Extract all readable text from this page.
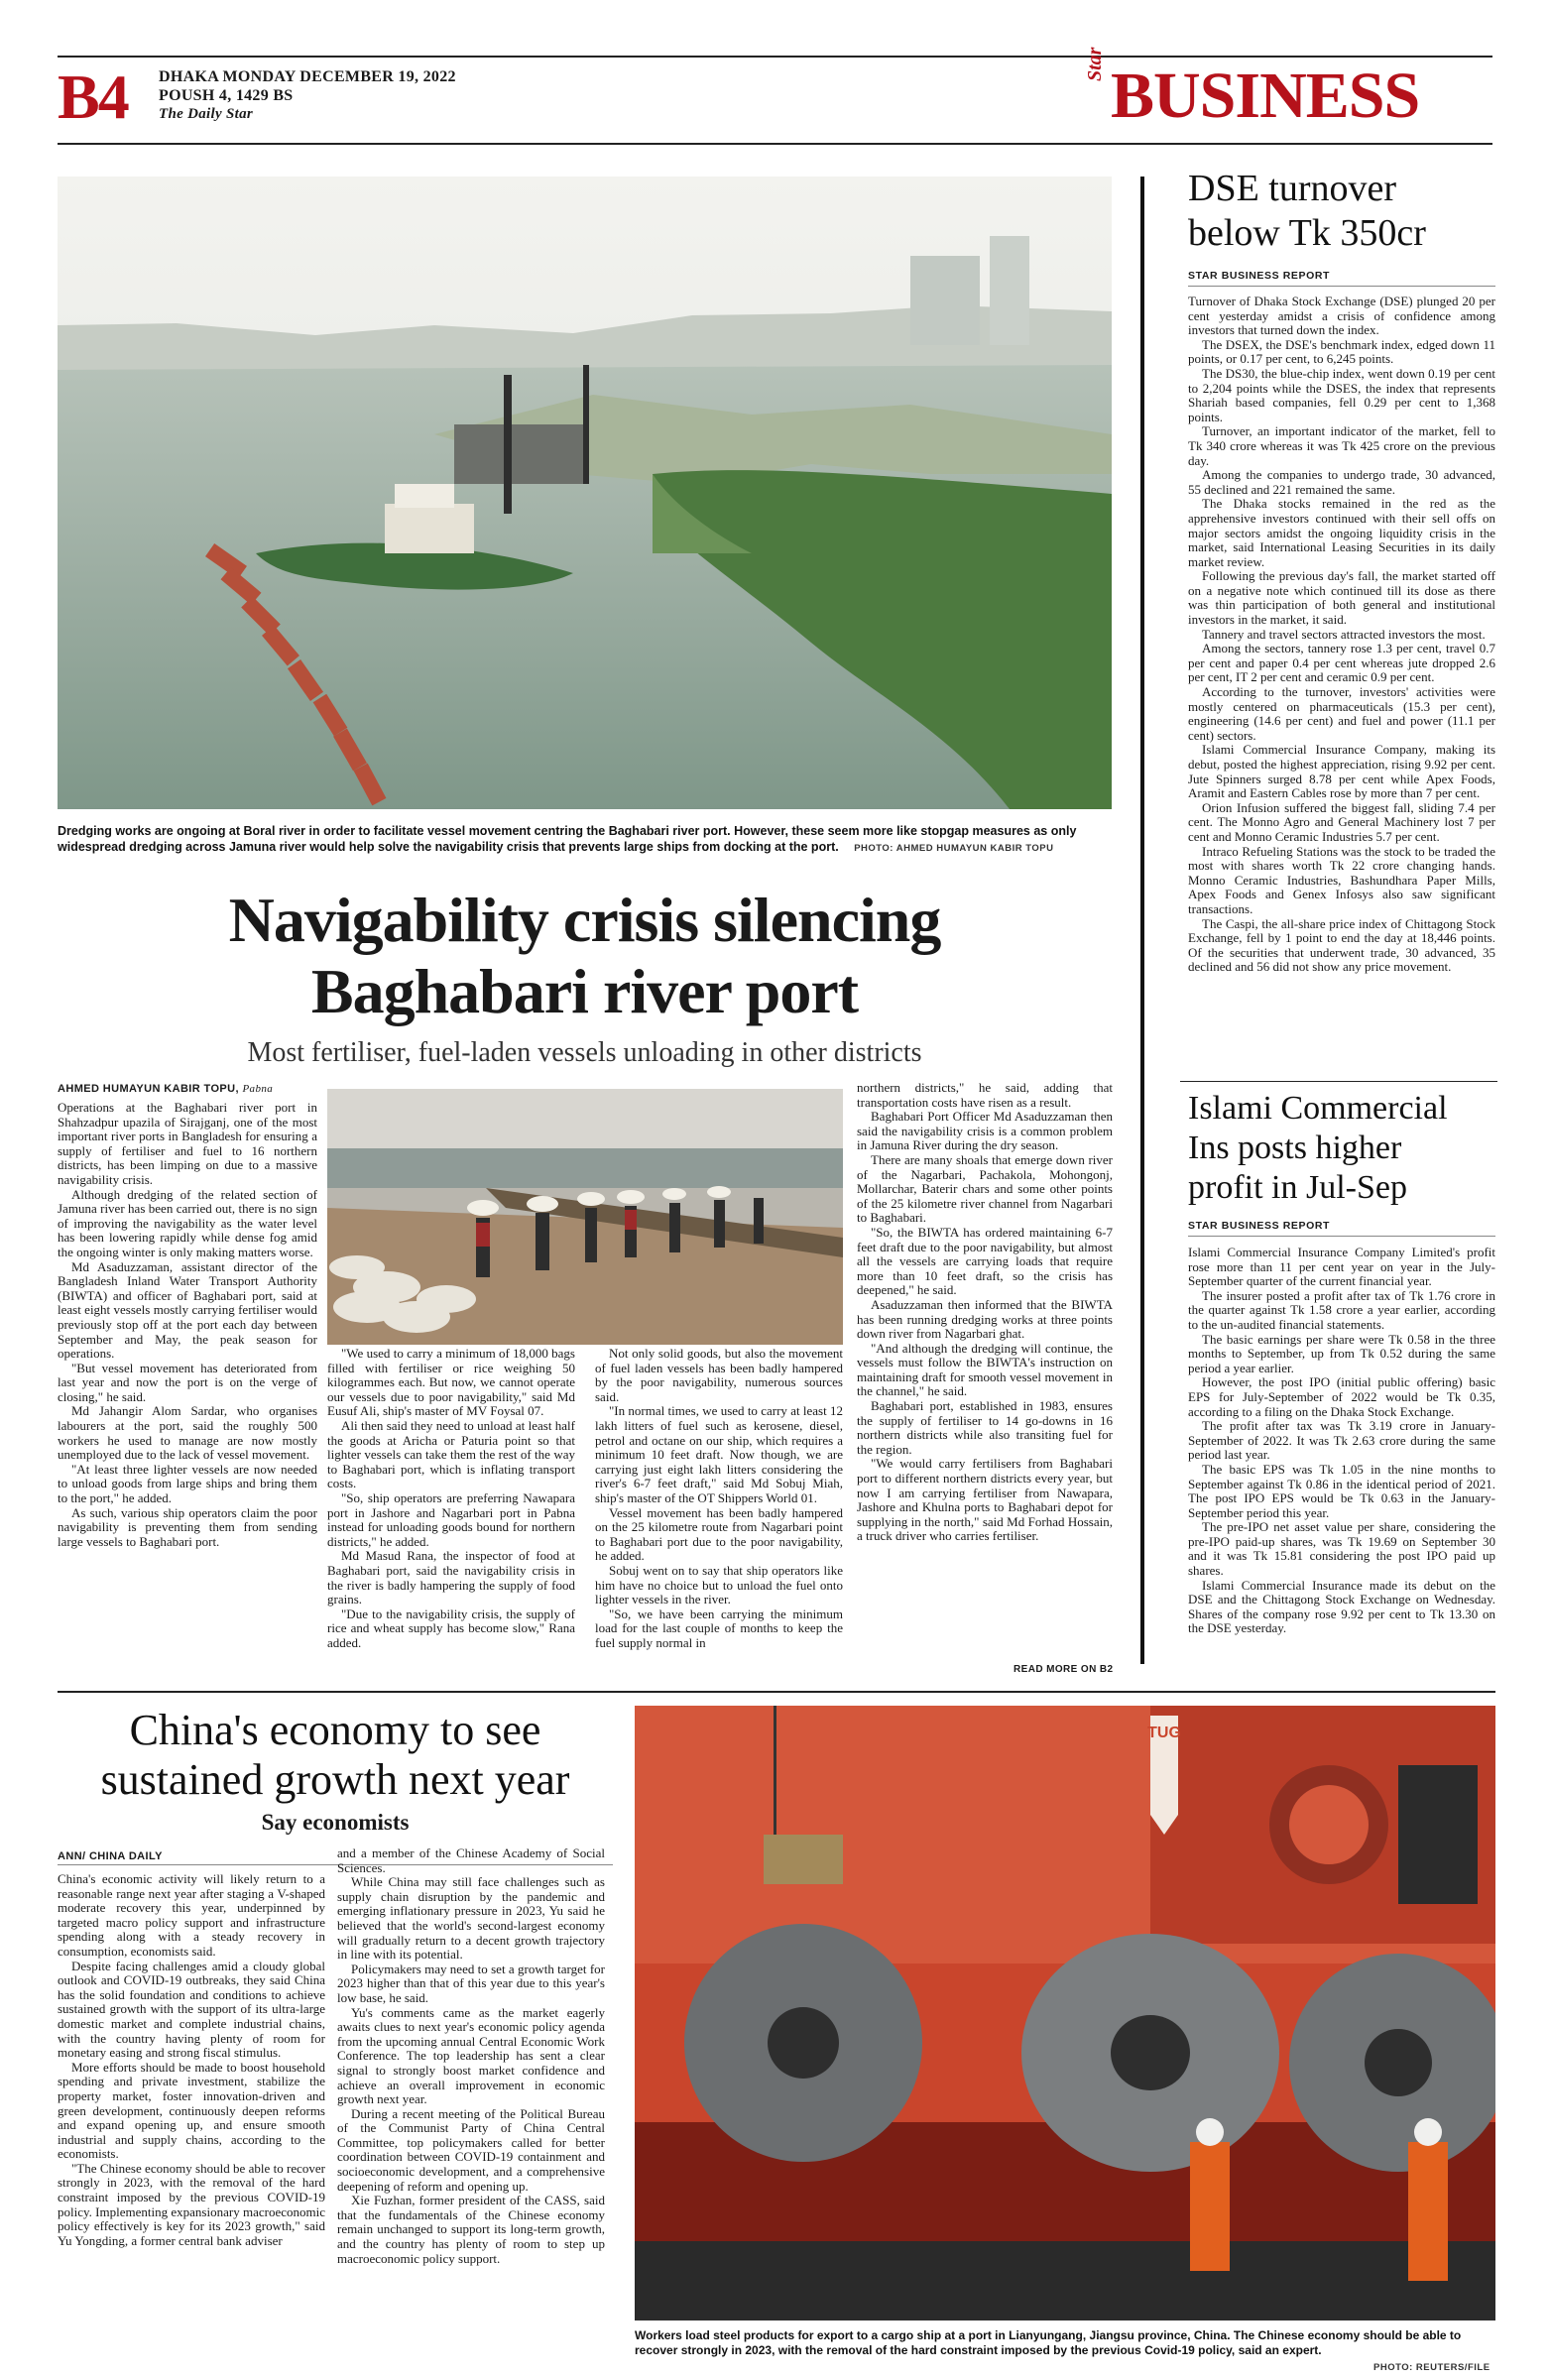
B4 DHAKA MONDAY DECEMBER 19, 2022
POUSH 4, 1429 BS
The Daily Star
Star BUSINESS
Dredging works are ongoing at Boral river in order to facilitate vessel movement centring the Baghabari river port. However, these seem more like stopgap measures as only widespread dredging across Jamuna river would help solve the navigability crisis that prevents large ships from docking at the port. PHOTO: AHMED HUMAYUN KABIR TOPU
Navigability crisis silencing
Baghabari river port
Most fertiliser, fuel-laden vessels unloading in other districts
AHMED HUMAYUN KABIR TOPU, Pabna

Operations at the Baghabari river port in Shahzadpur upazila of Sirajganj, one of the most important river ports in Bangladesh for ensuring a supply of fertiliser and fuel to 16 northern districts, has been limping on due to a massive navigability crisis.

Although dredging of the related section of Jamuna river has been carried out, there is no sign of improving the navigability as the water level has been lowering rapidly while dense fog amid the ongoing winter is only making matters worse.

Md Asaduzzaman, assistant director of the Bangladesh Inland Water Transport Authority (BIWTA) and officer of Baghabari port, said at least eight vessels mostly carrying fertiliser would previously stop off at the port each day between September and May, the peak season for operations.

"But vessel movement has deteriorated from last year and now the port is on the verge of closing," he said.

Md Jahangir Alom Sardar, who organises labourers at the port, said the roughly 500 workers he used to manage are now mostly unemployed due to the lack of vessel movement.

"At least three lighter vessels are now needed to unload goods from large ships and bring them to the port," he added.

As such, various ship operators claim the poor navigability is preventing them from sending large vessels to Baghabari port.

"We used to carry a minimum of 18,000 bags filled with fertiliser or rice weighing 50 kilogrammes each. But now, we cannot operate our vessels due to poor navigability," said Md Eusuf Ali, ship's master of MV Foysal 07.

Ali then said they need to unload at least half the goods at Aricha or Paturia point so that lighter vessels can take them the rest of the way to Baghabari port, which is inflating transport costs.

"So, ship operators are preferring Nawapara port in Jashore and Nagarbari port in Pabna instead for unloading goods bound for northern districts," he added.

Md Masud Rana, the inspector of food at Baghabari port, said the navigability crisis in the river is badly hampering the supply of food grains.

"Due to the navigability crisis, the supply of rice and wheat supply has become slow," Rana added.

Not only solid goods, but also the movement of fuel laden vessels has been badly hampered by the poor navigability, numerous sources said.

"In normal times, we used to carry at least 12 lakh litters of fuel such as kerosene, diesel, petrol and octane on our ship, which requires a minimum 10 feet draft. Now though, we are carrying just eight lakh litters considering the river's 6-7 feet draft," said Md Sobuj Miah, ship's master of the OT Shippers World 01.

Vessel movement has been badly hampered on the 25 kilometre route from Nagarbari point to Baghabari port due to the poor navigability, he added.

Sobuj went on to say that ship operators like him have no choice but to unload the fuel onto lighter vessels in the river.

"So, we have been carrying the minimum load for the last couple of months to keep the fuel supply normal in

northern districts," he said, adding that transportation costs have risen as a result.

Baghabari Port Officer Md Asaduzzaman then said the navigability crisis is a common problem in Jamuna River during the dry season.

There are many shoals that emerge down river of the Nagarbari, Pachakola, Mohongonj, Mollarchar, Baterir chars and some other points of the 25 kilometre river channel from Nagarbari to Baghabari.

"So, the BIWTA has ordered maintaining 6-7 feet draft due to the poor navigability, but almost all the vessels are carrying loads that require more than 10 feet draft, so the crisis has deepened," he said.

Asaduzzaman then informed that the BIWTA has been running dredging works at three points down river from Nagarbari ghat.

"And although the dredging will continue, the vessels must follow the BIWTA's instruction on maintaining draft for smooth vessel movement in the channel," he said.

Baghabari port, established in 1983, ensures the supply of fertiliser to 14 go-downs in 16 northern districts while also transiting fuel for the region.

"We would carry fertilisers from Baghabari port to different northern districts every year, but now I am carrying fertiliser from Nawapara, Jashore and Khulna ports to Baghabari depot for supplying in the north," said Md Forhad Hossain, a truck driver who carries fertiliser.

READ MORE ON B2
DSE turnover
below Tk 350cr
STAR BUSINESS REPORT

Turnover of Dhaka Stock Exchange (DSE) plunged 20 per cent yesterday amidst a crisis of confidence among investors that turned down the index.

The DSEX, the DSE's benchmark index, edged down 11 points, or 0.17 per cent, to 6,245 points.

The DS30, the blue-chip index, went down 0.19 per cent to 2,204 points while the DSES, the index that represents Shariah based companies, fell 0.29 per cent to 1,368 points.

Turnover, an important indicator of the market, fell to Tk 340 crore whereas it was Tk 425 crore on the previous day.

Among the companies to undergo trade, 30 advanced, 55 declined and 221 remained the same.

The Dhaka stocks remained in the red as the apprehensive investors continued with their sell offs on major sectors amidst the ongoing liquidity crisis in the market, said International Leasing Securities in its daily market review.

Following the previous day's fall, the market started off on a negative note which continued till its dose as there was thin participation of both general and institutional investors in the market, it said.

Tannery and travel sectors attracted investors the most.

Among the sectors, tannery rose 1.3 per cent, travel 0.7 per cent and paper 0.4 per cent whereas jute dropped 2.6 per cent, IT 2 per cent and ceramic 0.9 per cent.

According to the turnover, investors' activities were mostly centered on pharmaceuticals (15.3 per cent), engineering (14.6 per cent) and fuel and power (11.1 per cent) sectors.

Islami Commercial Insurance Company, making its debut, posted the highest appreciation, rising 9.92 per cent. Jute Spinners surged 8.78 per cent while Apex Foods, Aramit and Eastern Cables rose by more than 7 per cent.

Orion Infusion suffered the biggest fall, sliding 7.4 per cent. The Monno Agro and General Machinery lost 7 per cent and Monno Ceramic Industries 5.7 per cent.

Intraco Refueling Stations was the stock to be traded the most with shares worth Tk 22 crore changing hands. Monno Ceramic Industries, Bashundhara Paper Mills, Apex Foods and Genex Infosys also saw significant transactions.

The Caspi, the all-share price index of Chittagong Stock Exchange, fell by 1 point to end the day at 18,446 points. Of the securities that underwent trade, 30 advanced, 35 declined and 56 did not show any price movement.

Islami Commercial
Ins posts higher
profit in Jul-Sep
STAR BUSINESS REPORT

Islami Commercial Insurance Company Limited's profit rose more than 11 per cent year on year in the July-September quarter of the current financial year.

The insurer posted a profit after tax of Tk 1.76 crore in the quarter against Tk 1.58 crore a year earlier, according to the un-audited financial statements.

The basic earnings per share were Tk 0.58 in the three months to September, up from Tk 0.52 during the same period a year earlier.

However, the post IPO (initial public offering) basic EPS for July-September of 2022 would be Tk 0.35, according to a filing on the Dhaka Stock Exchange.

The profit after tax was Tk 3.19 crore in January-September of 2022. It was Tk 2.63 crore during the same period last year.

The basic EPS was Tk 1.05 in the nine months to September against Tk 0.86 in the identical period of 2021. The post IPO EPS would be Tk 0.63 in the January-September period this year.

The pre-IPO net asset value per share, considering the pre-IPO paid-up shares, was Tk 19.69 on September 30 and it was Tk 15.81 considering the post IPO paid up shares.

Islami Commercial Insurance made its debut on the DSE and the Chittagong Stock Exchange on Wednesday. Shares of the company rose 9.92 per cent to Tk 13.30 on the DSE yesterday.

China's economy to see
sustained growth next year
Say economists
ANN/ CHINA DAILY

China's economic activity will likely return to a reasonable range next year after staging a V-shaped moderate recovery this year, underpinned by targeted macro policy support and infrastructure spending along with a steady recovery in consumption, economists said.

Despite facing challenges amid a cloudy global outlook and COVID-19 outbreaks, they said China has the solid foundation and conditions to achieve sustained growth with the support of its ultra-large domestic market and complete industrial chains, with the country having plenty of room for monetary easing and strong fiscal stimulus.

More efforts should be made to boost household spending and private investment, stabilize the property market, foster innovation-driven and green development, continuously deepen reforms and expand opening up, and ensure smooth industrial and supply chains, according to the economists.

"The Chinese economy should be able to recover strongly in 2023, with the removal of the hard constraint imposed by the previous COVID-19 policy. Implementing expansionary macroeconomic policy effectively is key for its 2023 growth," said Yu Yongding, a former central bank adviser

and a member of the Chinese Academy of Social Sciences.

While China may still face challenges such as supply chain disruption by the pandemic and emerging inflationary pressure in 2023, Yu said he believed that the world's second-largest economy will gradually return to a decent growth trajectory in line with its potential.

Policymakers may need to set a growth target for 2023 higher than that of this year due to this year's low base, he said.

Yu's comments came as the market eagerly awaits clues to next year's economic policy agenda from the upcoming annual Central Economic Work Conference. The top leadership has sent a clear signal to strongly boost market confidence and achieve an overall improvement in economic growth next year.

During a recent meeting of the Political Bureau of the Communist Party of China Central Committee, top policymakers called for better coordination between COVID-19 containment and socioeconomic development, and a comprehensive deepening of reform and opening up.

Xie Fuzhan, former president of the CASS, said that the fundamentals of the Chinese economy remain unchanged to support its long-term growth, and the country has plenty of room to step up macroeconomic policy support.

TUG
Workers load steel products for export to a cargo ship at a port in Lianyungang, Jiangsu province, China. The Chinese economy should be able to recover strongly in 2023, with the removal of the hard constraint imposed by the previous Covid-19 policy, said an expert.
PHOTO: REUTERS/FILE
